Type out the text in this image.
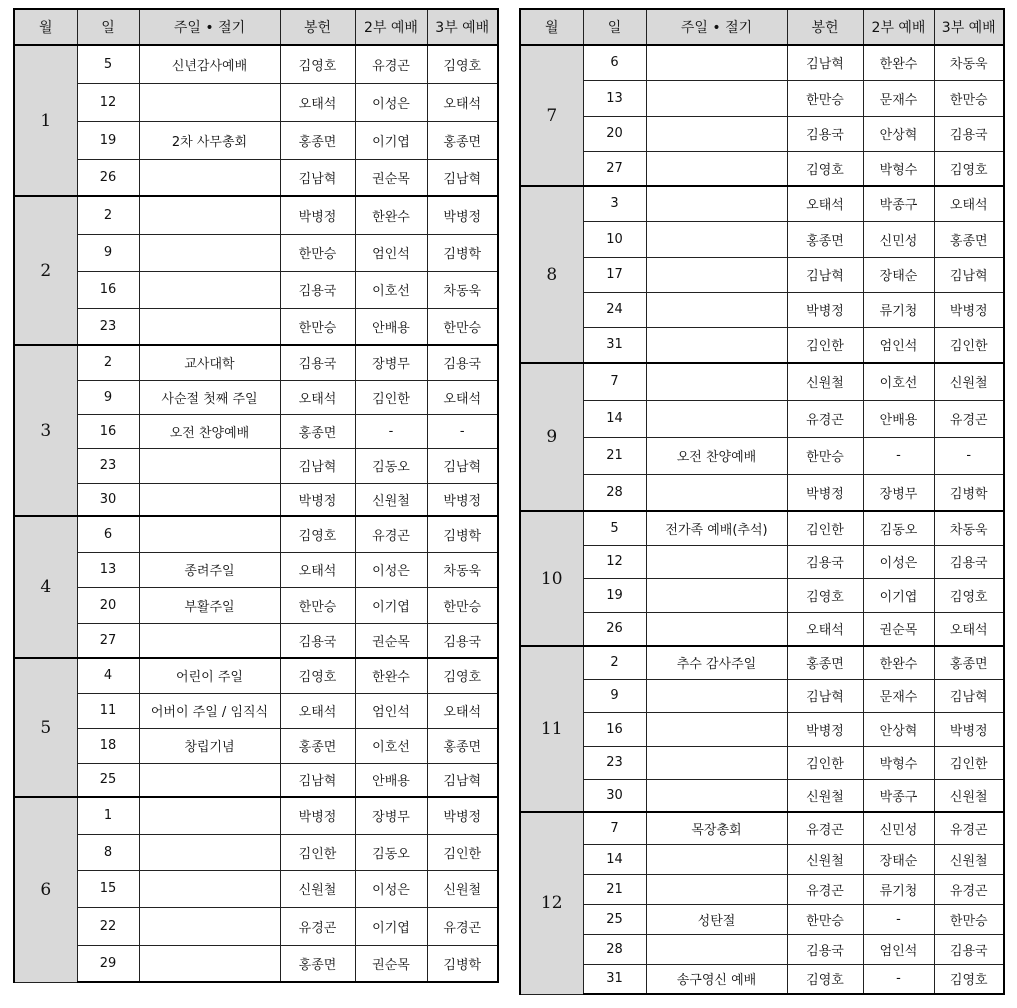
월	일	주일 • 절기	봉헌	2부 예배	3부 예배
1	5	신년감사예배	김영호	유경곤	김영호
	12		오태석	이성은	오태석
	19	2차 사무총회	홍종면	이기엽	홍종면
	26		김남혁	권순목	김남혁
2	2		박병정	한완수	박병정
	9		한만승	엄인석	김병학
	16		김용국	이호선	차동욱
	23		한만승	안배용	한만승
3	2	교사대학	김용국	장병무	김용국
	9	사순절 첫째 주일	오태석	김인한	오태석
	16	오전 찬양예배	홍종면	-	-
	23		김남혁	김동오	김남혁
	30		박병정	신원철	박병정
4	6		김영호	유경곤	김병학
	13	종려주일	오태석	이성은	차동욱
	20	부활주일	한만승	이기엽	한만승
	27		김용국	권순목	김용국
5	4	어린이 주일	김영호	한완수	김영호
	11	어버이 주일 / 임직식	오태석	엄인석	오태석
	18	창립기념	홍종면	이호선	홍종면
	25		김남혁	안배용	김남혁
6	1		박병정	장병무	박병정
	8		김인한	김동오	김인한
	15		신원철	이성은	신원철
	22		유경곤	이기엽	유경곤
	29		홍종면	권순목	김병학
월	일	주일 • 절기	봉헌	2부 예배	3부 예배
7	6		김남혁	한완수	차동욱
	13		한만승	문재수	한만승
	20		김용국	안상혁	김용국
	27		김영호	박형수	김영호
8	3		오태석	박종구	오태석
	10		홍종면	신민성	홍종면
	17		김남혁	장태순	김남혁
	24		박병정	류기청	박병정
	31		김인한	엄인석	김인한
9	7		신원철	이호선	신원철
	14		유경곤	안배용	유경곤
	21	오전 찬양예배	한만승	-	-
	28		박병정	장병무	김병학
10	5	전가족 예배(추석)	김인한	김동오	차동욱
	12		김용국	이성은	김용국
	19		김영호	이기엽	김영호
	26		오태석	권순목	오태석
11	2	추수 감사주일	홍종면	한완수	홍종면
	9		김남혁	문재수	김남혁
	16		박병정	안상혁	박병정
	23		김인한	박형수	김인한
	30		신원철	박종구	신원철
12	7	목장총회	유경곤	신민성	유경곤
	14		신원철	장태순	신원철
	21		유경곤	류기청	유경곤
	25	성탄절	한만승	-	한만승
	28		김용국	엄인석	김용국
	31	송구영신 예배	김영호	-	김영호
